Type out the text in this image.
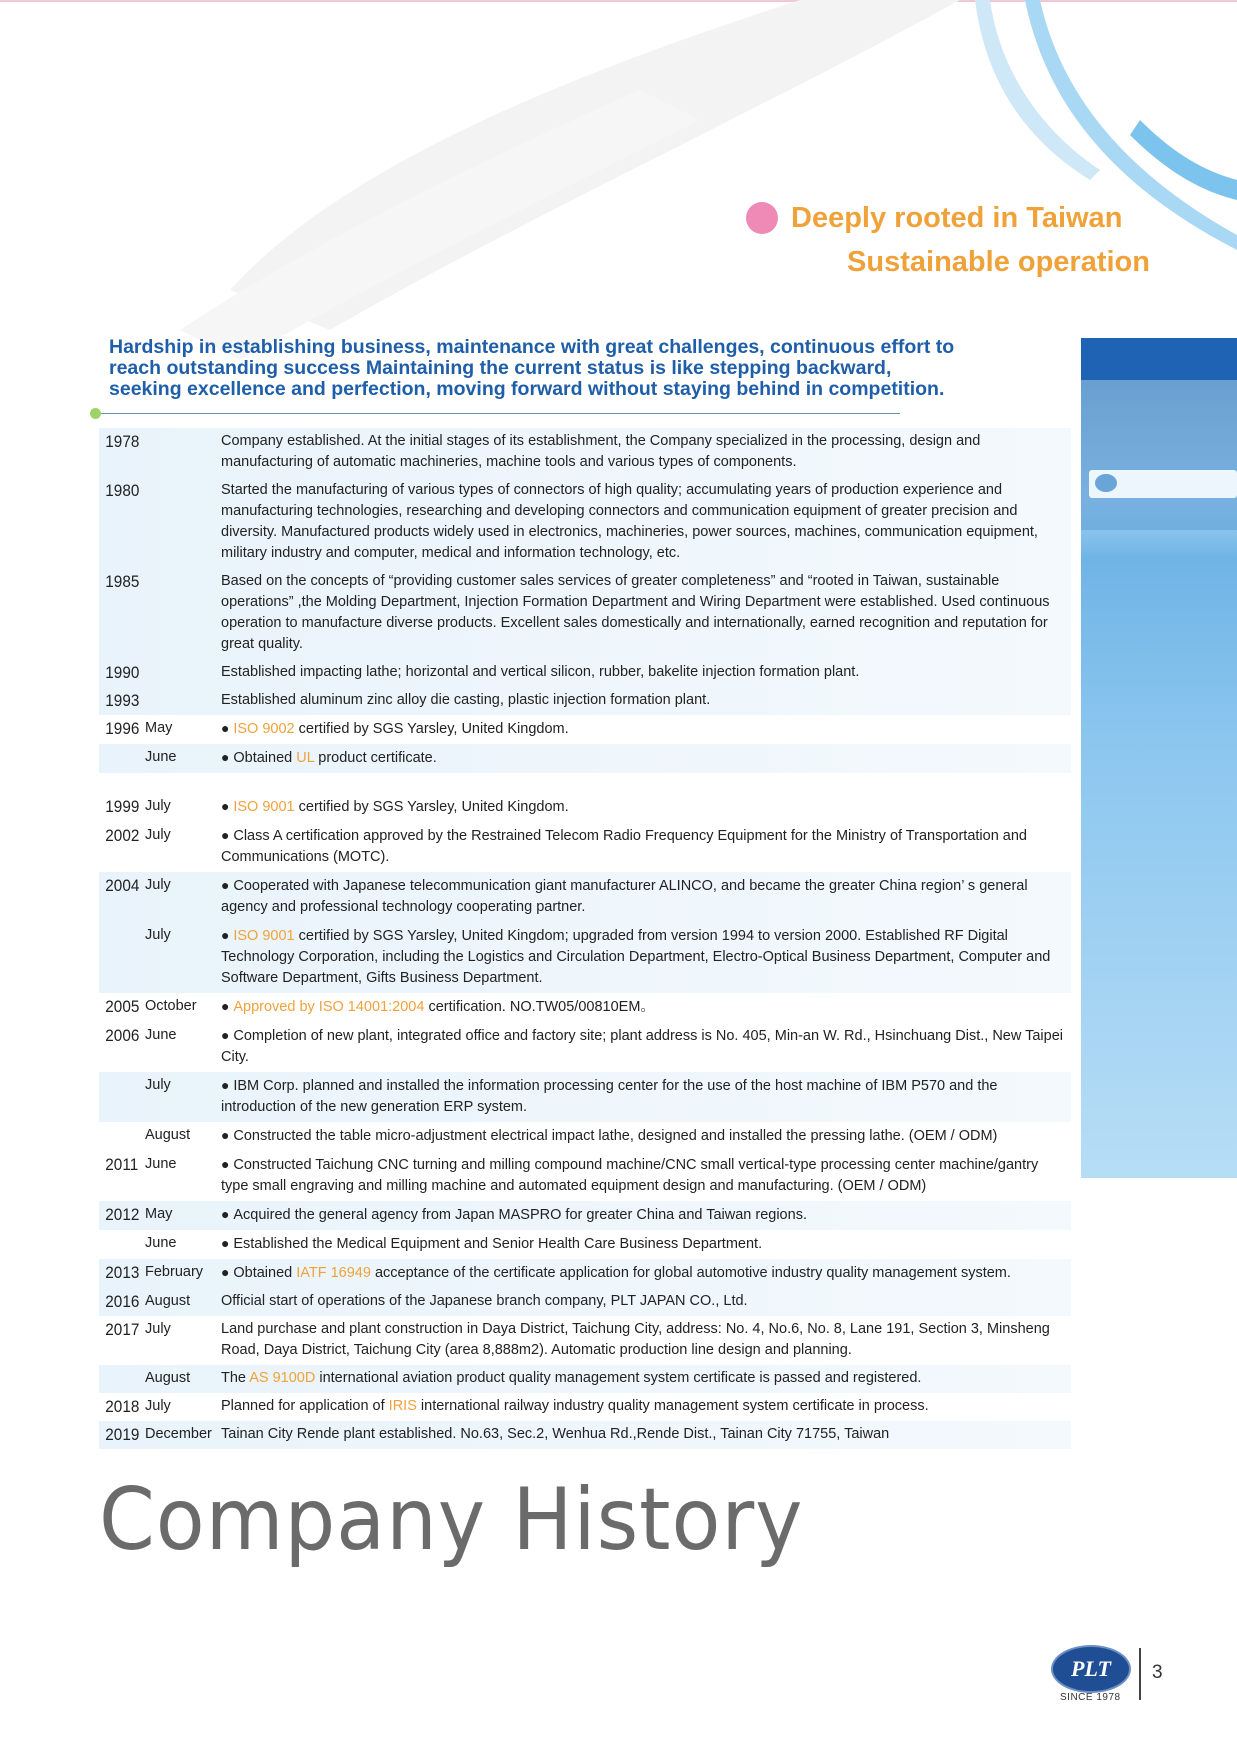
Deeply rooted in Taiwan
Sustainable operation
Hardship in establishing business, maintenance with great challenges, continuous effort to
reach outstanding success Maintaining the current status is like stepping backward,
seeking excellence and perfection, moving forward without staying behind in competition.
1978	Company established. At the initial stages of its establishment, the Company specialized in the processing, design and manufacturing of automatic machineries, machine tools and various types of components.
1980	Started the manufacturing of various types of connectors of high quality; accumulating years of production experience and manufacturing technologies, researching and developing connectors and communication equipment of greater precision and diversity. Manufactured products widely used in electronics, machineries, power sources, machines, communication equipment, military industry and computer, medical and information technology, etc.
1985	Based on the concepts of “providing customer sales services of greater completeness” and “rooted in Taiwan, sustainable operations” ,the Molding Department, Injection Formation Department and Wiring Department were established. Used continuous operation to manufacture diverse products. Excellent sales domestically and internationally, earned recognition and reputation for great quality.
1990	Established impacting lathe; horizontal and vertical silicon, rubber, bakelite injection formation plant.
1993	Established aluminum zinc alloy die casting, plastic injection formation plant.
1996 May	● ISO 9002 certified by SGS Yarsley, United Kingdom.
June	● Obtained UL product certificate.
1999 July	● ISO 9001 certified by SGS Yarsley, United Kingdom.
2002 July	● Class A certification approved by the Restrained Telecom Radio Frequency Equipment for the Ministry of Transportation and Communications (MOTC).
2004 July	● Cooperated with Japanese telecommunication giant manufacturer ALINCO, and became the greater China region’ s general agency and professional technology cooperating partner.
July	● ISO 9001 certified by SGS Yarsley, United Kingdom; upgraded from version 1994 to version 2000. Established RF Digital Technology Corporation, including the Logistics and Circulation Department, Electro-Optical Business Department, Computer and Software Department, Gifts Business Department.
2005 October	● Approved by ISO 14001:2004 certification. NO.TW05/00810EM。
2006 June	● Completion of new plant, integrated office and factory site; plant address is No. 405, Min-an W. Rd., Hsinchuang Dist., New Taipei City.
July	● IBM Corp. planned and installed the information processing center for the use of the host machine of IBM P570 and the introduction of the new generation ERP system.
August	● Constructed the table micro-adjustment electrical impact lathe, designed and installed the pressing lathe. (OEM / ODM)
2011 June	● Constructed Taichung CNC turning and milling compound machine/CNC small vertical-type processing center machine/gantry type small engraving and milling machine and automated equipment design and manufacturing. (OEM / ODM)
2012 May	● Acquired the general agency from Japan MASPRO for greater China and Taiwan regions.
June	● Established the Medical Equipment and Senior Health Care Business Department.
2013 February	● Obtained IATF 16949 acceptance of the certificate application for global automotive industry quality management system.
2016 August	Official start of operations of the Japanese branch company, PLT JAPAN CO., Ltd.
2017 July	Land purchase and plant construction in Daya District, Taichung City, address: No. 4, No.6, No. 8, Lane 191, Section 3, Minsheng Road, Daya District, Taichung City (area 8,888m2). Automatic production line design and planning.
August	The AS 9100D international aviation product quality management system certificate is passed and registered.
2018 July	Planned for application of IRIS international railway industry quality management system certificate in process.
2019 December Tainan City Rende plant established. No.63, Sec.2, Wenhua Rd.,Rende Dist., Tainan City 71755, Taiwan
Company History
PLT
SINCE 1978
3
